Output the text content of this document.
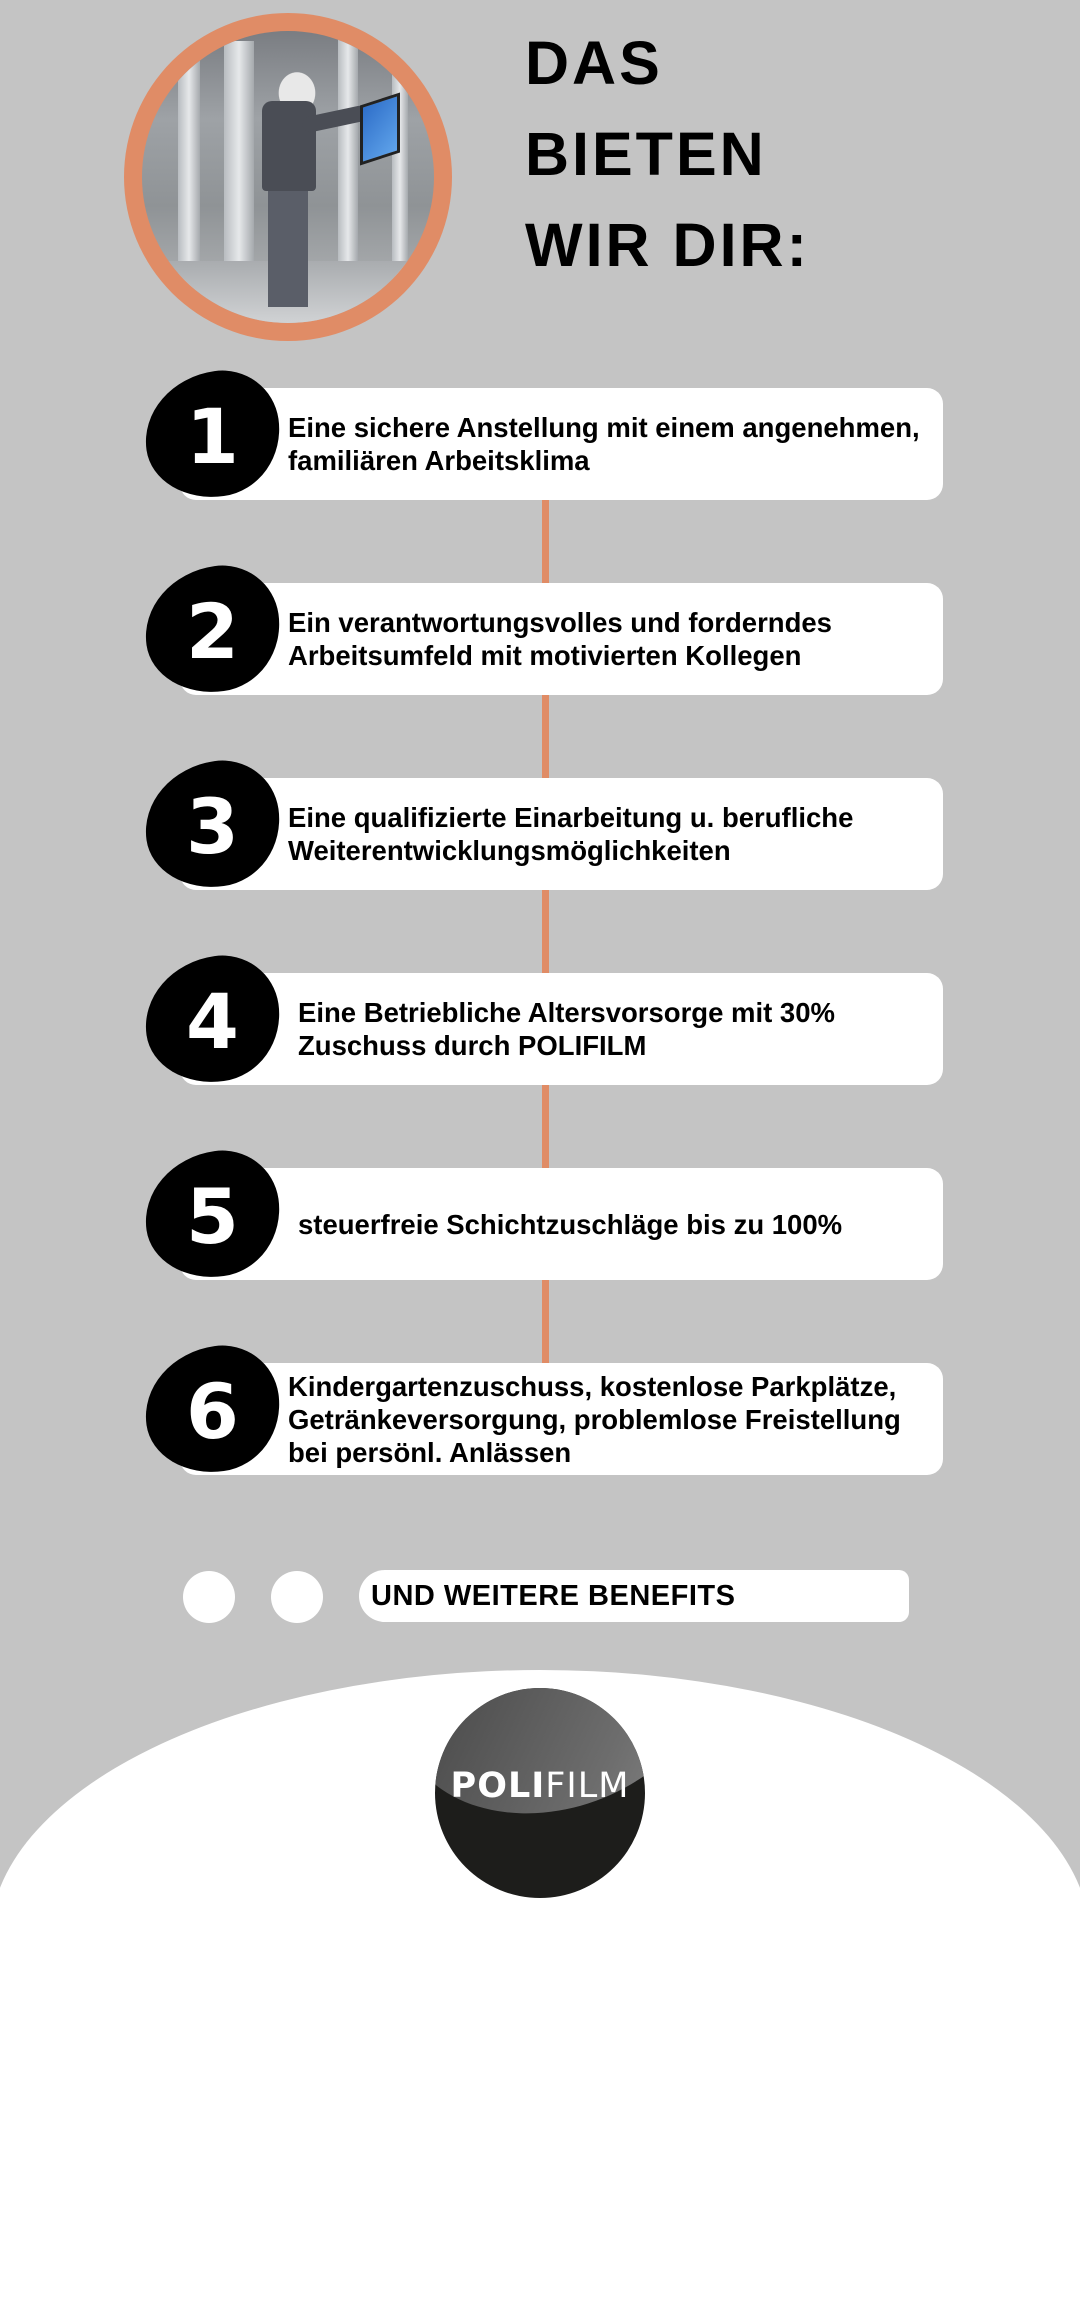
DAS
BIETEN
WIR DIR:
1	Eine sichere Anstellung mit einem angenehmen, familiären Arbeitsklima
2	Ein verantwortungsvolles und forderndes Arbeitsumfeld mit motivierten Kollegen
3	Eine qualifizierte Einarbeitung u. berufliche Weiterentwicklungsmöglichkeiten
4	Eine Betriebliche Altersvorsorge mit 30% Zuschuss durch POLIFILM
5	steuerfreie Schichtzuschläge bis zu 100%
6	Kindergartenzuschuss, kostenlose Parkplätze, Getränkeversorgung, problemlose Freistellung bei persönl. Anlässen
UND WEITERE BENEFITS
POLIFILM
